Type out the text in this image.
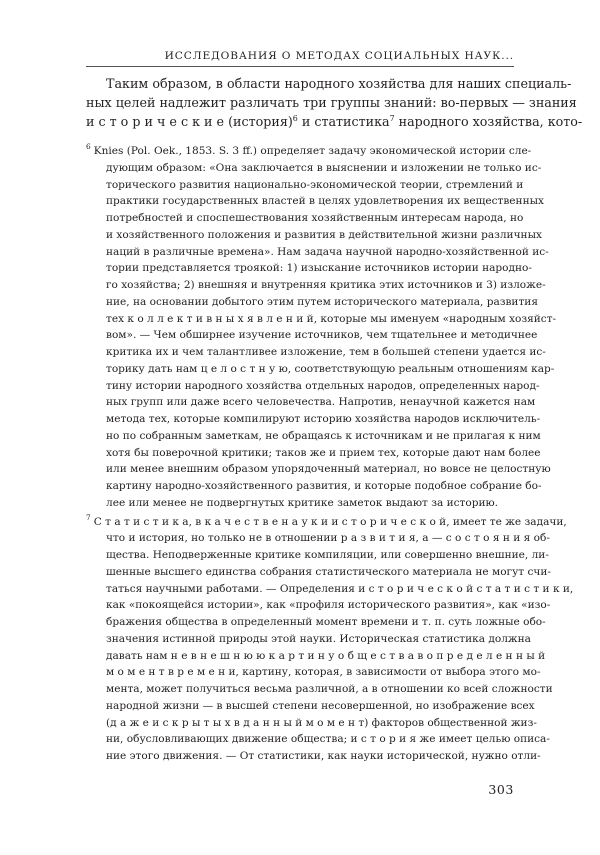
ИССЛЕДОВАНИЯ О МЕТОДАХ СОЦИАЛЬНЫХ НАУК...
Таким образом, в области народного хозяйства для наших специаль-
ных целей надлежит различать три группы знаний: во-первых — знания
и с т о р и ч е с к и е (история)$^6$ и статистика$^7$ народного хозяйства, кото-
$^6$ Knies (Pol. Oek., 1853. S. 3 ff.) определяет задачу экономической истории сле-
дующим образом: «Она заключается в выяснении и изложении не только ис-
торического развития национально-экономической теории, стремлений и
практики государственных властей в целях удовлетворения их вещественных
потребностей и споспешествования хозяйственным интересам народа, но
и хозяйственного положения и развития в действительной жизни различных
наций в различные времена». Нам задача научной народно-хозяйственной ис-
тории представляется троякой: 1) изыскание источников истории народно-
го хозяйства; 2) внешняя и внутренняя критика этих источников и 3) изложе-
ние, на основании добытого этим путем исторического материала, развития
тех к о л л е к т и в н ы х я в л е н и й, которые мы именуем «народным хозяйст-
вом». — Чем обширнее изучение источников, чем тщательнее и методичнее
критика их и чем талантливее изложение, тем в большей степени удается ис-
торику дать нам ц е л о с т н у ю, соответствующую реальным отношениям кар-
тину истории народного хозяйства отдельных народов, определенных народ-
ных групп или даже всего человечества. Напротив, ненаучной кажется нам
метода тех, которые компилируют историю хозяйства народов исключитель-
но по собранным заметкам, не обращаясь к источникам и не прилагая к ним
хотя бы поверочной критики; таков же и прием тех, которые дают нам более
или менее внешним образом упорядоченный материал, но вовсе не целостную
картину народно-хозяйственного развития, и которые подобное собрание бо-
лее или менее не подвергнутых критике заметок выдают за историю.
$^7$ С т а т и с т и к а, в к а ч е с т в е н а у к и и с т о р и ч е с к о й, имеет те же задачи,
что и история, но только не в отношении р а з в и т и я, а — с о с т о я н и я об-
щества. Неподверженные критике компиляции, или совершенно внешние, ли-
шенные высшего единства собрания статистического материала не могут счи-
таться научными работами. — Определения и с т о р и ч е с к о й с т а т и с т и к и,
как «покоящейся истории», как «профиля исторического развития», как «изо-
бражения общества в определенный момент времени и т. п. суть ложные обо-
значения истинной природы этой науки. Историческая статистика должна
давать нам н е в н е ш н ю ю к а р т и н у о б щ е с т в а в о п р е д е л е н н ы й
м о м е н т в р е м е н и, картину, которая, в зависимости от выбора этого мо-
мента, может получиться весьма различной, а в отношении ко всей сложности
народной жизни — в высшей степени несовершенной, но изображение всех
(д а ж е и с к р ы т ы х в д а н н ы й м о м е н т) факторов общественной жиз-
ни, обусловливающих движение общества; и с т о р и я же имеет целью описа-
ние этого движения. — От статистики, как науки исторической, нужно отли-
303
